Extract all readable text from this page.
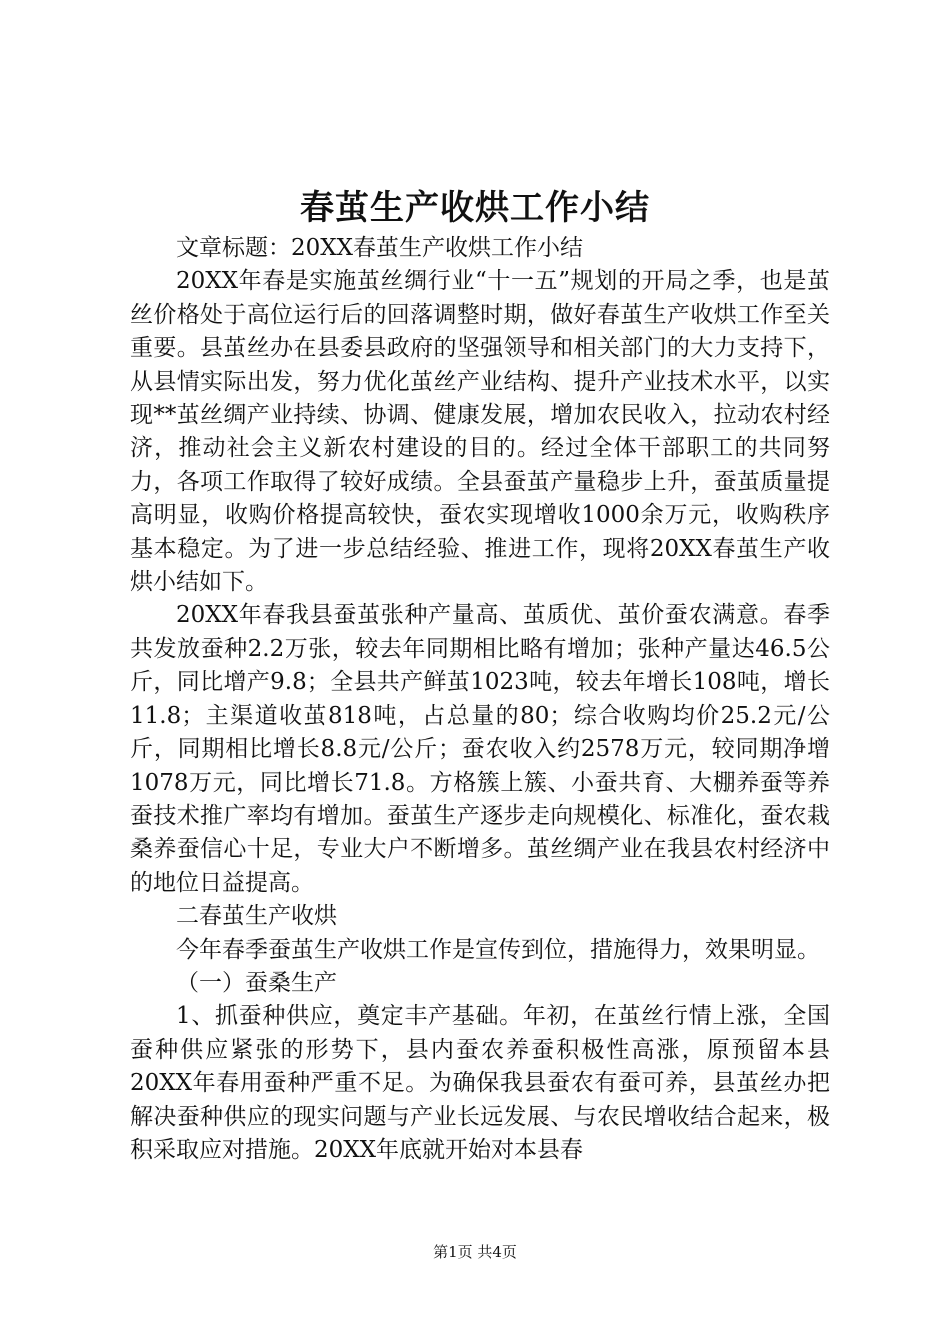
春茧生产收烘工作小结

文章标题：20XX春茧生产收烘工作小结

20XX年春是实施茧丝绸行业“十一五”规划的开局之季，也是茧丝价格处于高位运行后的回落调整时期，做好春茧生产收烘工作至关重要。县茧丝办在县委县政府的坚强领导和相关部门的大力支持下，从县情实际出发，努力优化茧丝产业结构、提升产业技术水平，以实现**茧丝绸产业持续、协调、健康发展，增加农民收入，拉动农村经济，推动社会主义新农村建设的目的。经过全体干部职工的共同努力，各项工作取得了较好成绩。全县蚕茧产量稳步上升，蚕茧质量提高明显，收购价格提高较快，蚕农实现增收1000余万元，收购秩序基本稳定。为了进一步总结经验、推进工作，现将20XX春茧生产收烘小结如下。

20XX年春我县蚕茧张种产量高、茧质优、茧价蚕农满意。春季共发放蚕种2.2万张，较去年同期相比略有增加；张种产量达46.5公斤，同比增产9.8；全县共产鲜茧1023吨，较去年增长108吨，增长11.8；主渠道收茧818吨，占总量的80；综合收购均价25.2元/公斤，同期相比增长8.8元/公斤；蚕农收入约2578万元，较同期净增1078万元，同比增长71.8。方格簇上簇、小蚕共育、大棚养蚕等养蚕技术推广率均有增加。蚕茧生产逐步走向规模化、标准化，蚕农栽桑养蚕信心十足，专业大户不断增多。茧丝绸产业在我县农村经济中的地位日益提高。

二春茧生产收烘

今年春季蚕茧生产收烘工作是宣传到位，措施得力，效果明显。

（一）蚕桑生产

1、抓蚕种供应，奠定丰产基础。年初，在茧丝行情上涨，全国蚕种供应紧张的形势下，县内蚕农养蚕积极性高涨，原预留本县20XX年春用蚕种严重不足。为确保我县蚕农有蚕可养，县茧丝办把解决蚕种供应的现实问题与产业长远发展、与农民增收结合起来，极积采取应对措施。20XX年底就开始对本县春

第1页 共4页
